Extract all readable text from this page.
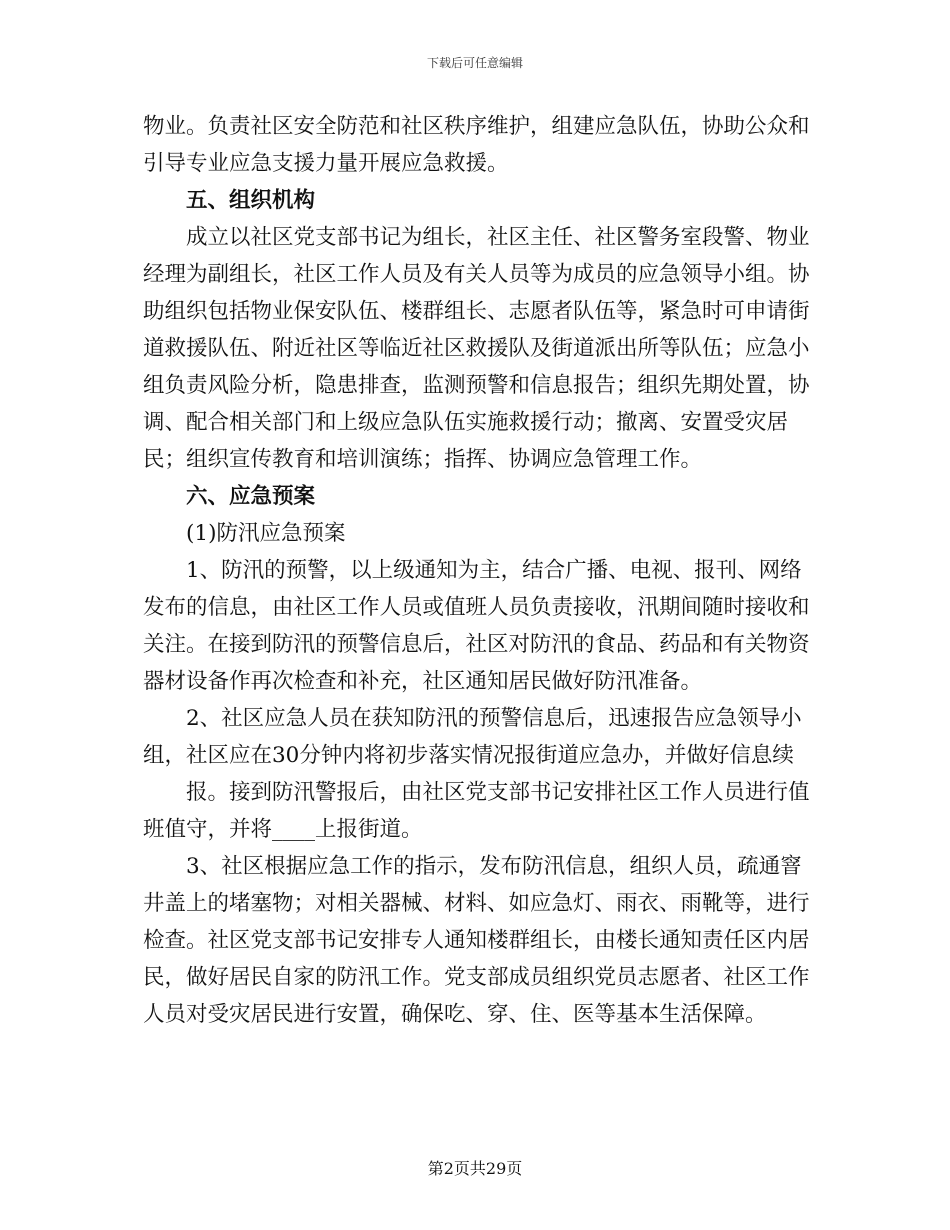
下载后可任意编辑

物业。负责社区安全防范和社区秩序维护，组建应急队伍，协助公众和引导专业应急支援力量开展应急救援。

五、组织机构

成立以社区党支部书记为组长，社区主任、社区警务室段警、物业经理为副组长，社区工作人员及有关人员等为成员的应急领导小组。协助组织包括物业保安队伍、楼群组长、志愿者队伍等，紧急时可申请街道救援队伍、附近社区等临近社区救援队及街道派出所等队伍；应急小组负责风险分析，隐患排查，监测预警和信息报告；组织先期处置，协调、配合相关部门和上级应急队伍实施救援行动；撤离、安置受灾居民；组织宣传教育和培训演练；指挥、协调应急管理工作。

六、应急预案

(1)防汛应急预案

1、防汛的预警，以上级通知为主，结合广播、电视、报刊、网络发布的信息，由社区工作人员或值班人员负责接收，汛期间随时接收和关注。在接到防汛的预警信息后，社区对防汛的食品、药品和有关物资器材设备作再次检查和补充，社区通知居民做好防汛准备。

2、社区应急人员在获知防汛的预警信息后，迅速报告应急领导小组，社区应在30分钟内将初步落实情况报街道应急办，并做好信息续

报。接到防汛警报后，由社区党支部书记安排社区工作人员进行值班值守，并将____上报街道。

3、社区根据应急工作的指示，发布防汛信息，组织人员，疏通窨井盖上的堵塞物；对相关器械、材料、如应急灯、雨衣、雨靴等，进行检查。社区党支部书记安排专人通知楼群组长，由楼长通知责任区内居民，做好居民自家的防汛工作。党支部成员组织党员志愿者、社区工作人员对受灾居民进行安置，确保吃、穿、住、医等基本生活保障。

第2页共29页
